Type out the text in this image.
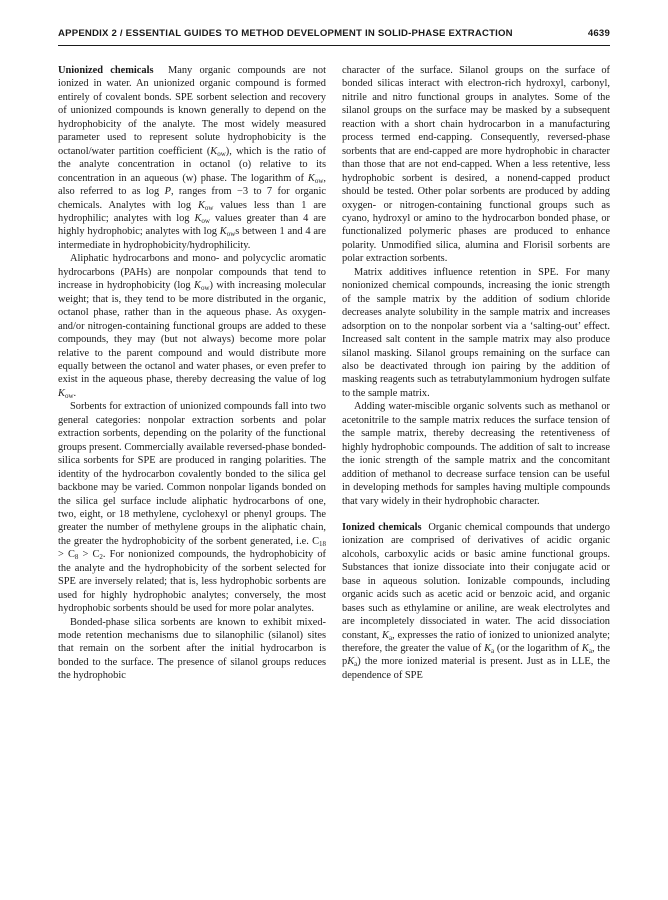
APPENDIX 2 / ESSENTIAL GUIDES TO METHOD DEVELOPMENT IN SOLID-PHASE EXTRACTION	4639

Unionized chemicals Many organic compounds are not ionized in water. An unionized organic compound is formed entirely of covalent bonds. SPE sorbent selection and recovery of unionized compounds is known generally to depend on the hydrophobicity of the analyte. The most widely measured parameter used to represent solute hydrophobicity is the octanol/water partition coefficient $(K_{ow})$, which is the ratio of the analyte concentration in octanol (o) relative to its concentration in an aqueous (w) phase. The logarithm of $K_{ow}$, also referred to as log P, ranges from −3 to 7 for organic chemicals. Analytes with $\log K_{ow}$ values less than 1 are hydrophilic; analytes with $\log K_{ow}$ values greater than 4 are highly hydrophobic; analytes with $\log K_{ow}s$ between 1 and 4 are intermediate in hydrophobicity/hydrophilicity.

Aliphatic hydrocarbons and mono- and polycyclic aromatic hydrocarbons (PAHs) are nonpolar compounds that tend to increase in hydrophobicity (log $K_{ow}$) with increasing molecular weight; that is, they tend to be more distributed in the organic, octanol phase, rather than in the aqueous phase. As oxygen- and/or nitrogen-containing functional groups are added to these compounds, they may (but not always) become more polar relative to the parent compound and would distribute more equally between the octanol and water phases, or even prefer to exist in the aqueous phase, thereby decreasing the value of $\log K_{ow}$.

Sorbents for extraction of unionized compounds fall into two general categories: nonpolar extraction sorbents and polar extraction sorbents, depending on the polarity of the functional groups present. Commercially available reversed-phase bonded-silica sorbents for SPE are produced in ranging polarities. The identity of the hydrocarbon covalently bonded to the silica gel backbone may be varied. Common nonpolar ligands bonded on the silica gel surface include aliphatic hydrocarbons of one, two, eight, or 18 methylene, cyclohexyl or phenyl groups. The greater the number of methylene groups in the aliphatic chain, the greater the hydrophobicity of the sorbent generated, i.e. $C_{18} > C_8 > C_2$. For nonionized compounds, the hydrophobicity of the analyte and the hydrophobicity of the sorbent selected for SPE are inversely related; that is, less hydrophobic sorbents are used for highly hydrophobic analytes; conversely, the most hydrophobic sorbents should be used for more polar analytes.

Bonded-phase silica sorbents are known to exhibit mixed-mode retention mechanisms due to silanophilic (silanol) sites that remain on the sorbent after the initial hydrocarbon is bonded to the surface. The presence of silanol groups reduces the hydrophobic

character of the surface. Silanol groups on the surface of bonded silicas interact with electron-rich hydroxyl, carbonyl, nitrile and nitro functional groups in analytes. Some of the silanol groups on the surface may be masked by a subsequent reaction with a short chain hydrocarbon in a manufacturing process termed end-capping. Consequently, reversed-phase sorbents that are end-capped are more hydrophobic in character than those that are not end-capped. When a less retentive, less hydrophobic sorbent is desired, a nonend-capped product should be tested. Other polar sorbents are produced by adding oxygen- or nitrogen-containing functional groups such as cyano, hydroxyl or amino to the hydrocarbon bonded phase, or functionalized polymeric phases are produced to enhance polarity. Unmodified silica, alumina and Florisil sorbents are polar extraction sorbents.

Matrix additives influence retention in SPE. For many nonionized chemical compounds, increasing the ionic strength of the sample matrix by the addition of sodium chloride decreases analyte solubility in the sample matrix and increases adsorption on to the nonpolar sorbent via a ‘salting-out’ effect. Increased salt content in the sample matrix may also produce silanol masking. Silanol groups remaining on the surface can also be deactivated through ion pairing by the addition of masking reagents such as tetrabutylammonium hydrogen sulfate to the sample matrix.

Adding water-miscible organic solvents such as methanol or acetonitrile to the sample matrix reduces the surface tension of the sample matrix, thereby decreasing the retentiveness of highly hydrophobic compounds. The addition of salt to increase the ionic strength of the sample matrix and the concomitant addition of methanol to decrease surface tension can be useful in developing methods for samples having multiple compounds that vary widely in their hydrophobic character.

Ionized chemicals Organic chemical compounds that undergo ionization are comprised of derivatives of acidic organic alcohols, carboxylic acids or basic amine functional groups. Substances that ionize dissociate into their conjugate acid or base in aqueous solution. Ionizable compounds, including organic acids such as acetic acid or benzoic acid, and organic bases such as ethylamine or aniline, are weak electrolytes and are incompletely dissociated in water. The acid dissociation constant, $K_a$, expresses the ratio of ionized to unionized analyte; therefore, the greater the value of $K_a$ (or the logarithm of $K_a$, the $pK_a$) the more ionized material is present. Just as in LLE, the dependence of SPE
